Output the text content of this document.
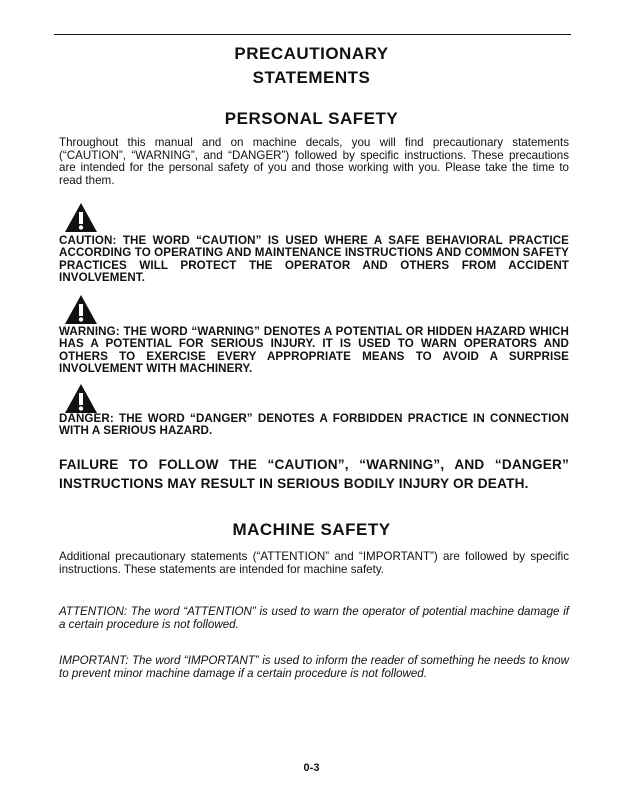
PRECAUTIONARY
STATEMENTS
PERSONAL SAFETY

Throughout this manual and on machine decals, you will find precautionary statements (“CAUTION”, “WARNING”, and “DANGER”) followed by specific instructions. These precautions are intended for the personal safety of you and those working with you. Please take the time to read them.

CAUTION: THE WORD “CAUTION” IS USED WHERE A SAFE BEHAVIORAL PRACTICE ACCORDING TO OPERATING AND MAINTENANCE INSTRUCTIONS AND COMMON SAFETY PRACTICES WILL PROTECT THE OPERATOR AND OTHERS FROM ACCIDENT INVOLVEMENT.

WARNING: THE WORD “WARNING” DENOTES A POTENTIAL OR HIDDEN HAZARD WHICH HAS A POTENTIAL FOR SERIOUS INJURY. IT IS USED TO WARN OPERATORS AND OTHERS TO EXERCISE EVERY APPROPRIATE MEANS TO AVOID A SURPRISE INVOLVEMENT WITH MACHINERY.

DANGER: THE WORD “DANGER” DENOTES A FORBIDDEN PRACTICE IN CONNECTION WITH A SERIOUS HAZARD.

FAILURE TO FOLLOW THE “CAUTION”, “WARNING”, AND “DANGER” INSTRUCTIONS MAY RESULT IN SERIOUS BODILY INJURY OR DEATH.

MACHINE SAFETY

Additional precautionary statements (“ATTENTION” and “IMPORTANT”) are followed by specific instructions. These statements are intended for machine safety.

ATTENTION: The word “ATTENTION” is used to warn the operator of potential machine damage if a certain procedure is not followed.

IMPORTANT: The word “IMPORTANT” is used to inform the reader of something he needs to know to prevent minor machine damage if a certain procedure is not followed.

0-3
